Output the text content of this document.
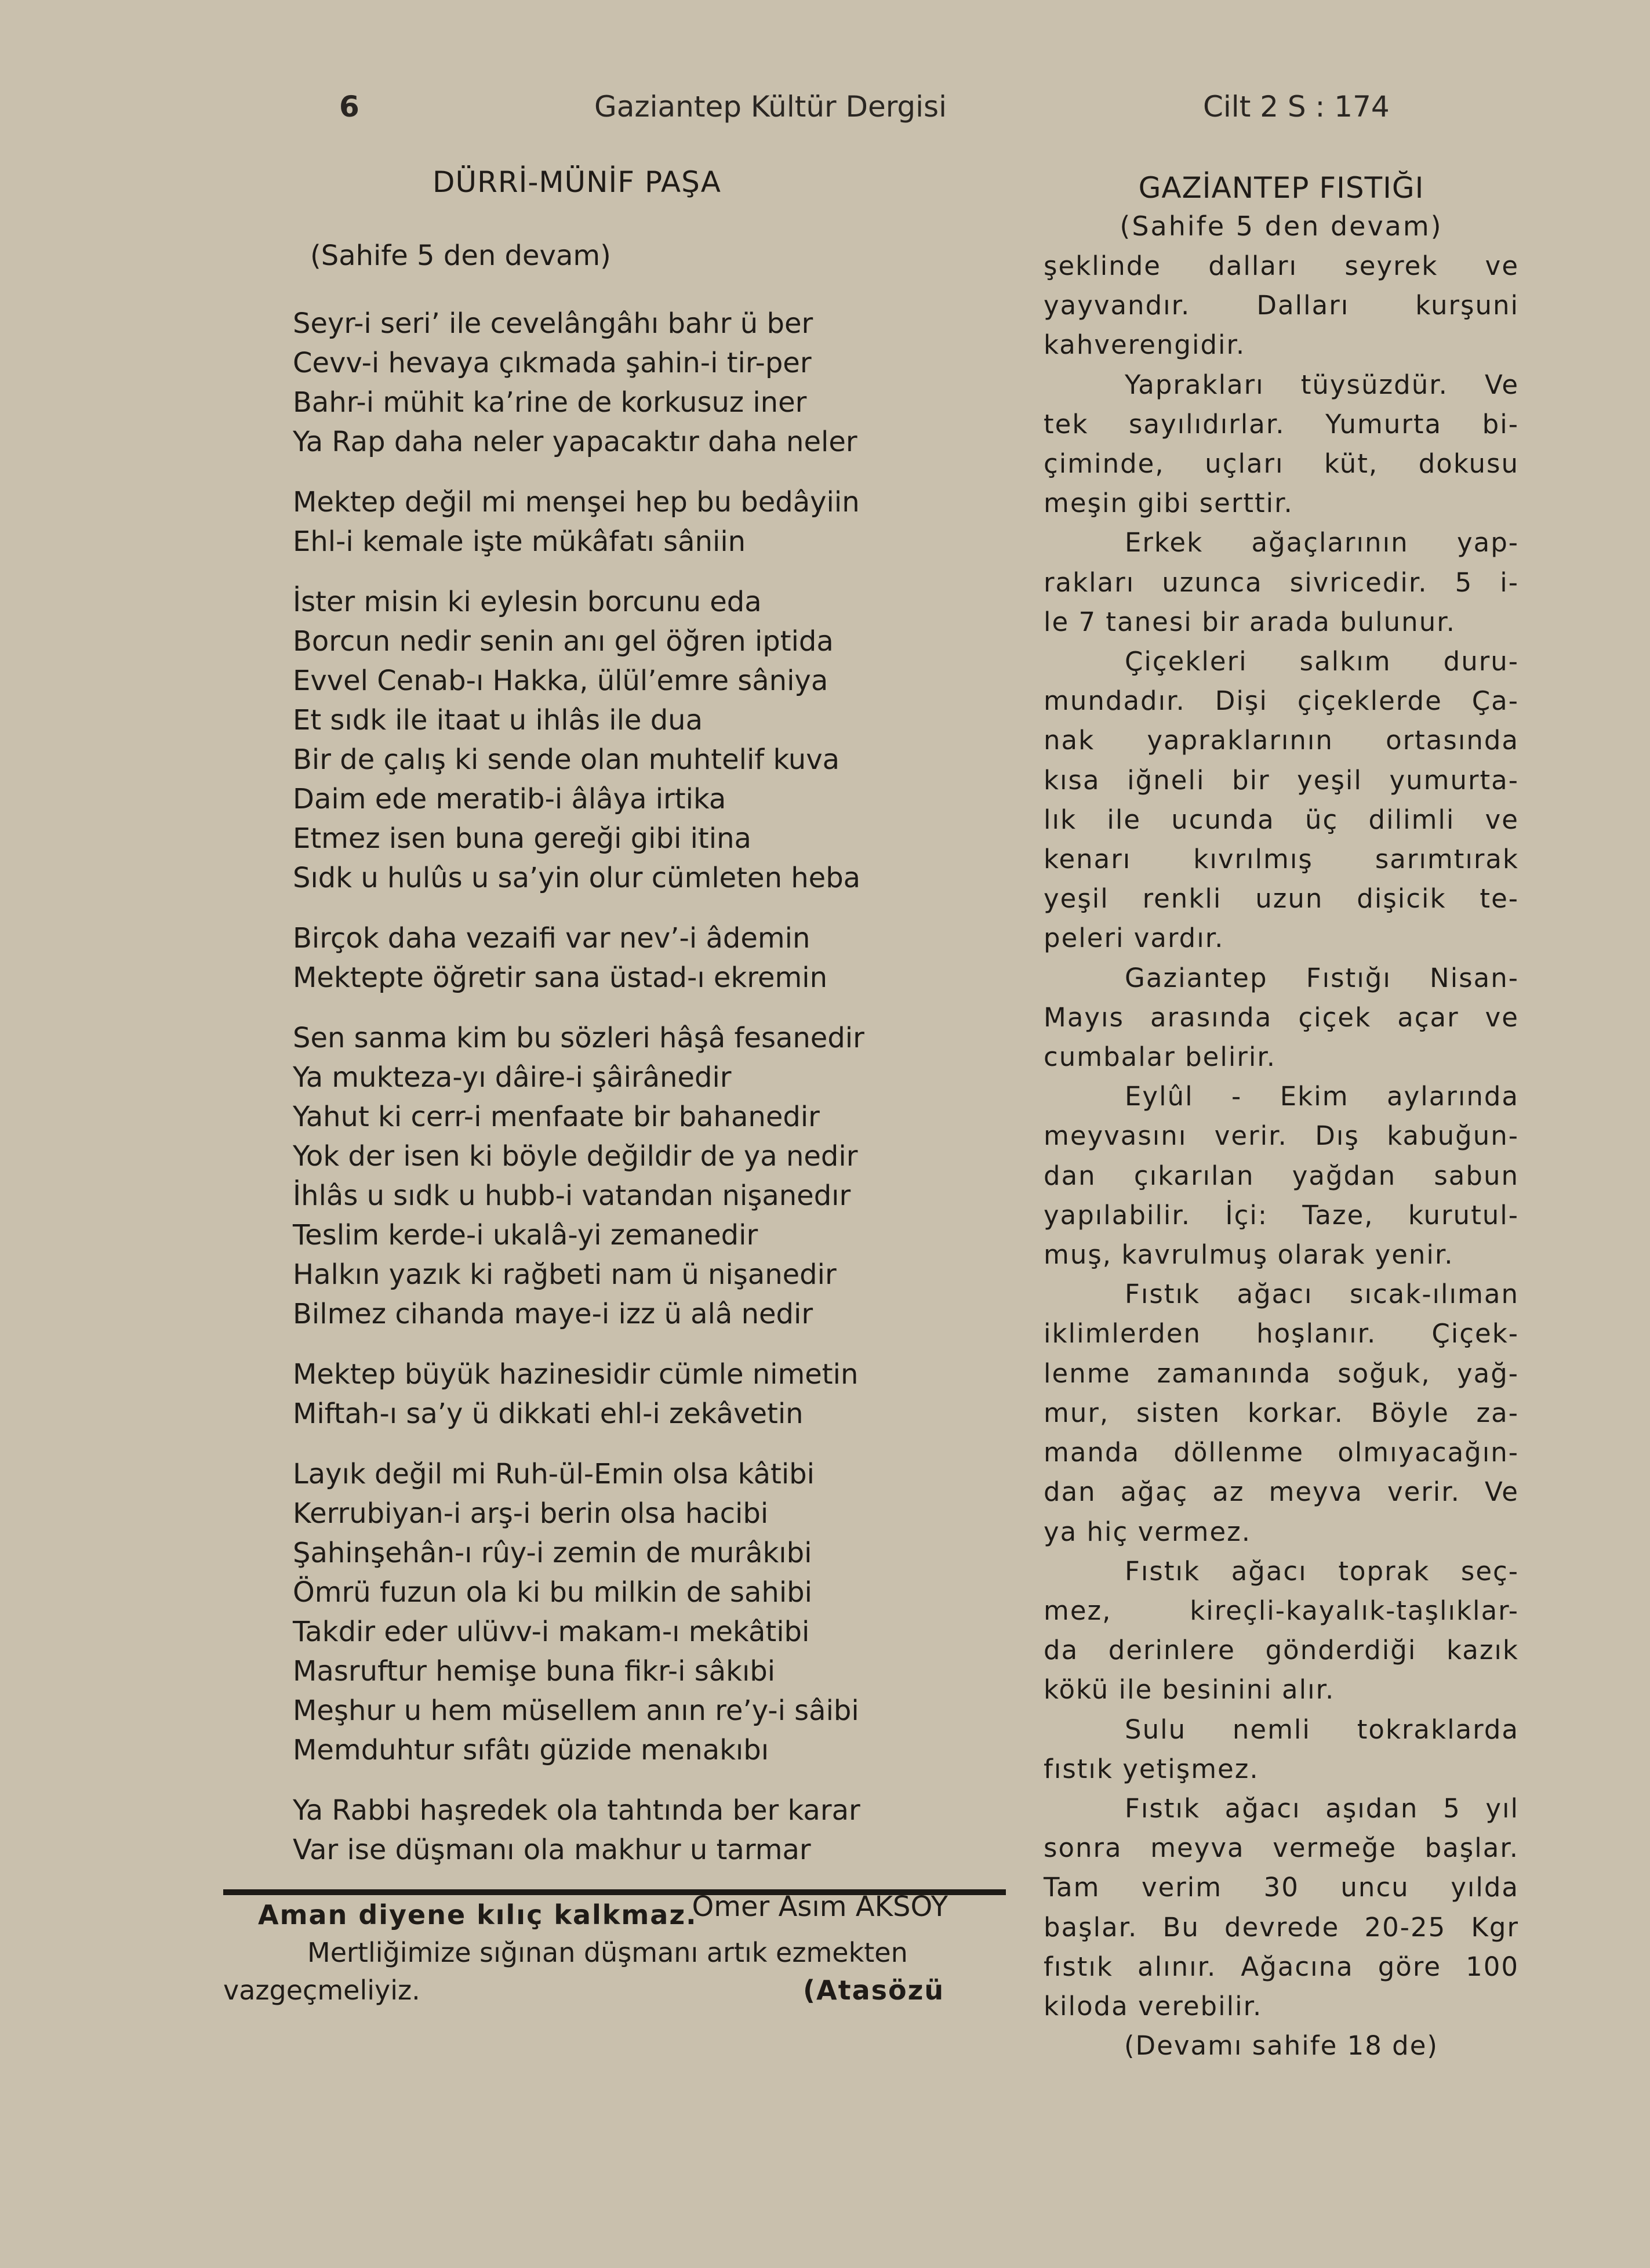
6	Gaziantep Kültür Dergisi	Cilt 2 S : 174
DÜRRİ-MÜNİF PAŞA
(Sahife 5 den devam)
Seyr-i seri’ ile cevelângâhı bahr ü ber
Cevv-i hevaya çıkmada şahin-i tir-per
Bahr-i mühit ka’rine de korkusuz iner
Ya Rap daha neler yapacaktır daha neler
Mektep değil mi menşei hep bu bedâyiin
Ehl-i kemale işte mükâfatı sâniin
İster misin ki eylesin borcunu eda
Borcun nedir senin anı gel öğren iptida
Evvel Cenab-ı Hakka, ülül’emre sâniya
Et sıdk ile itaat u ihlâs ile dua
Bir de çalış ki sende olan muhtelif kuva
Daim ede meratib-i âlâya irtika
Etmez isen buna gereği gibi itina
Sıdk u hulûs u sa’yin olur cümleten heba
Birçok daha vezaifi var nev’-i âdemin
Mektepte öğretir sana üstad-ı ekremin
Sen sanma kim bu sözleri hâşâ fesanedir
Ya mukteza-yı dâire-i şâirânedir
Yahut ki cerr-i menfaate bir bahanedir
Yok der isen ki böyle değildir de ya nedir
İhlâs u sıdk u hubb-i vatandan nişanedır
Teslim kerde-i ukalâ-yi zemanedir
Halkın yazık ki rağbeti nam ü nişanedir
Bilmez cihanda maye-i izz ü alâ nedir
Mektep büyük hazinesidir cümle nimetin
Miftah-ı sa’y ü dikkati ehl-i zekâvetin
Layık değil mi Ruh-ül-Emin olsa kâtibi
Kerrubiyan-i arş-i berin olsa hacibi
Şahinşehân-ı rûy-i zemin de murâkıbi
Ömrü fuzun ola ki bu milkin de sahibi
Takdir eder ulüvv-i makam-ı mekâtibi
Masruftur hemişe buna fikr-i sâkıbi
Meşhur u hem müsellem anın re’y-i sâibi
Memduhtur sıfâtı güzide menakıbı
Ya Rabbi haşredek ola tahtında ber karar
Var ise düşmanı ola makhur u tarmar
Ömer Asım AKSOY
Aman diyene kılıç kalkmaz.
Mertliğimize sığınan düşmanı artık ezmekten
vazgeçmeliyiz.	(Atasözü
GAZİANTEP FISTIĞI
(Sahife 5 den devam)
şeklinde dalları seyrek ve
yayvandır. Dalları kurşuni
kahverengidir.
Yaprakları tüysüzdür. Ve
tek sayılıdırlar. Yumurta bi-
çiminde, uçları küt, dokusu
meşin gibi serttir.
Erkek ağaçlarının yap-
rakları uzunca sivricedir. 5 i-
le 7 tanesi bir arada bulunur.
Çiçekleri salkım duru-
mundadır. Dişi çiçeklerde Ça-
nak yapraklarının ortasında
kısa iğneli bir yeşil yumurta-
lık ile ucunda üç dilimli ve
kenarı kıvrılmış sarımtırak
yeşil renkli uzun dişicik te-
peleri vardır.
Gaziantep Fıstığı Nisan-
Mayıs arasında çiçek açar ve
cumbalar belirir.
Eylûl - Ekim aylarında
meyvasını verir. Dış kabuğun-
dan çıkarılan yağdan sabun
yapılabilir. İçi: Taze, kurutul-
muş, kavrulmuş olarak yenir.
Fıstık ağacı sıcak-ılıman
iklimlerden hoşlanır. Çiçek-
lenme zamanında soğuk, yağ-
mur, sisten korkar. Böyle za-
manda döllenme olmıyacağın-
dan ağaç az meyva verir. Ve
ya hiç vermez.
Fıstık ağacı toprak seç-
mez, kireçli-kayalık-taşlıklar-
da derinlere gönderdiği kazık
kökü ile besinini alır.
Sulu nemli tokraklarda
fıstık yetişmez.
Fıstık ağacı aşıdan 5 yıl
sonra meyva vermeğe başlar.
Tam verim 30 uncu yılda
başlar. Bu devrede 20-25 Kgr
fıstık alınır. Ağacına göre 100
kiloda verebilir.
(Devamı sahife 18 de)
